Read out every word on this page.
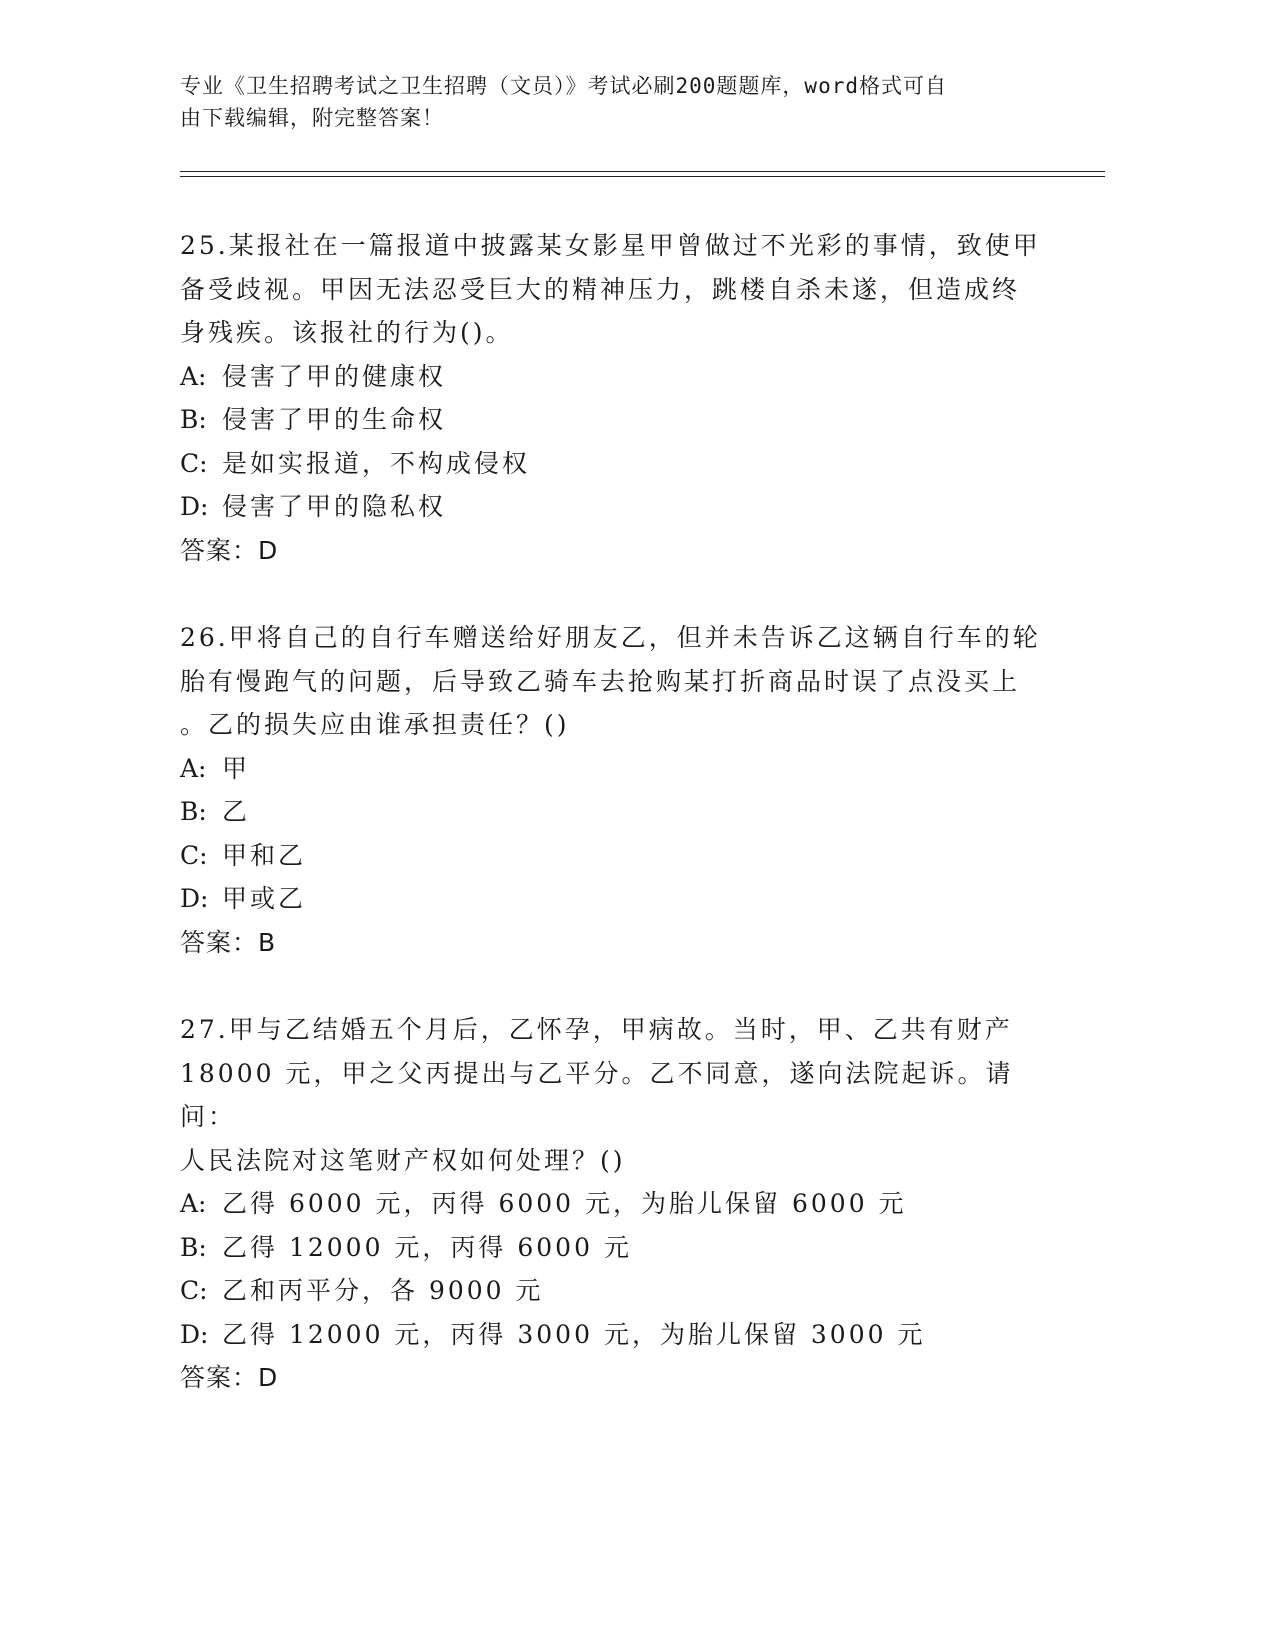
专业《卫生招聘考试之卫生招聘（文员）》考试必刷200题题库，word格式可自
由下载编辑，附完整答案！
25.某报社在一篇报道中披露某女影星甲曾做过不光彩的事情，致使甲
备受歧视。甲因无法忍受巨大的精神压力，跳楼自杀未遂，但造成终
身残疾。该报社的行为()。
A: 侵害了甲的健康权
B: 侵害了甲的生命权
C: 是如实报道，不构成侵权
D: 侵害了甲的隐私权
答案： D
26.甲将自己的自行车赠送给好朋友乙，但并未告诉乙这辆自行车的轮
胎有慢跑气的问题，后导致乙骑车去抢购某打折商品时误了点没买上
。乙的损失应由谁承担责任？()
A: 甲
B: 乙
C: 甲和乙
D: 甲或乙
答案： B
27.甲与乙结婚五个月后，乙怀孕，甲病故。当时，甲、乙共有财产
18000 元，甲之父丙提出与乙平分。乙不同意，遂向法院起诉。请问：
人民法院对这笔财产权如何处理？()
A: 乙得 6000 元，丙得 6000 元，为胎儿保留 6000 元
B: 乙得 12000 元，丙得 6000 元
C: 乙和丙平分，各 9000 元
D: 乙得 12000 元，丙得 3000 元，为胎儿保留 3000 元
答案： D
